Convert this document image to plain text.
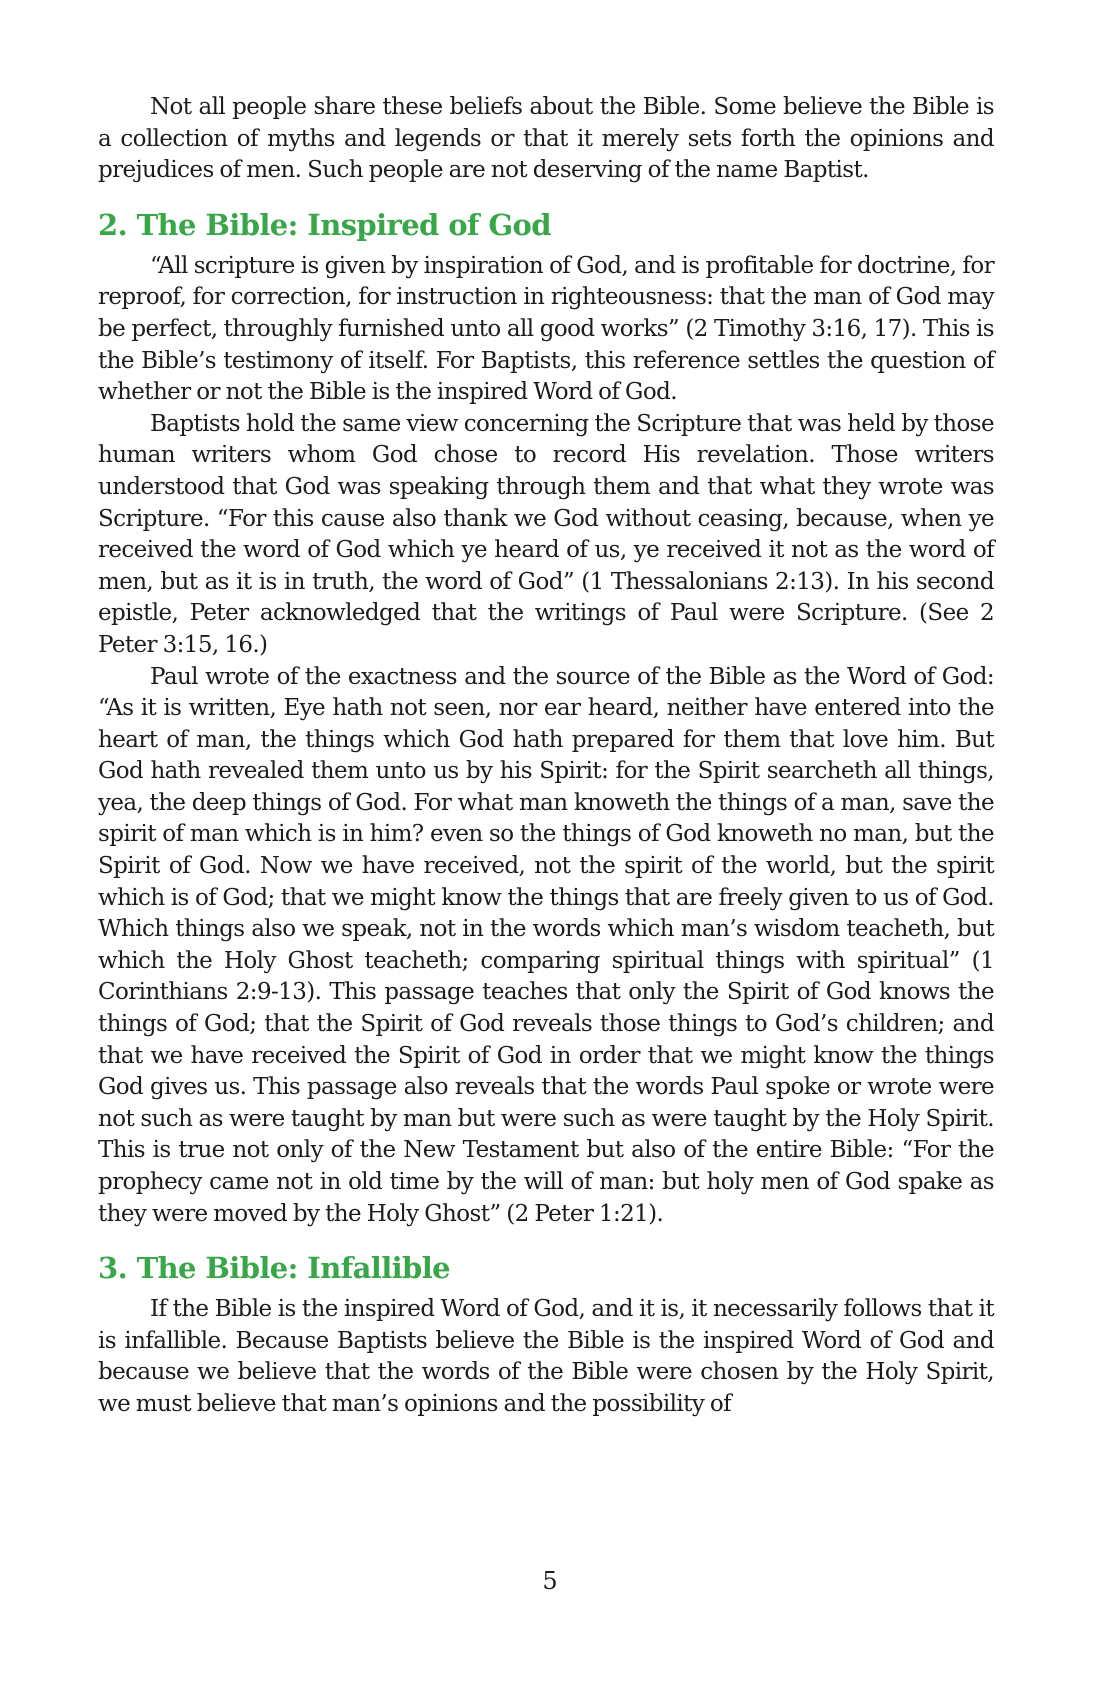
Not all people share these beliefs about the Bible. Some believe the Bible is a collection of myths and legends or that it merely sets forth the opinions and prejudices of men. Such people are not deserving of the name Baptist.

2. The Bible: Inspired of God

“All scripture is given by inspiration of God, and is profitable for doctrine, for reproof, for correction, for instruction in righteousness: that the man of God may be perfect, throughly furnished unto all good works” (2 Timothy 3:16, 17). This is the Bible’s testimony of itself. For Baptists, this reference settles the question of whether or not the Bible is the inspired Word of God.

Baptists hold the same view concerning the Scripture that was held by those human writers whom God chose to record His revelation. Those writers understood that God was speaking through them and that what they wrote was Scripture. “For this cause also thank we God without ceasing, because, when ye received the word of God which ye heard of us, ye received it not as the word of men, but as it is in truth, the word of God” (1 Thessalonians 2:13). In his second epistle, Peter acknowledged that the writings of Paul were Scripture. (See 2 Peter 3:15, 16.)

Paul wrote of the exactness and the source of the Bible as the Word of God: “As it is written, Eye hath not seen, nor ear heard, neither have entered into the heart of man, the things which God hath prepared for them that love him. But God hath revealed them unto us by his Spirit: for the Spirit searcheth all things, yea, the deep things of God. For what man knoweth the things of a man, save the spirit of man which is in him? even so the things of God knoweth no man, but the Spirit of God. Now we have received, not the spirit of the world, but the spirit which is of God; that we might know the things that are freely given to us of God. Which things also we speak, not in the words which man’s wisdom teacheth, but which the Holy Ghost teacheth; comparing spiritual things with spiritual” (1 Corinthians 2:9-13). This passage teaches that only the Spirit of God knows the things of God; that the Spirit of God reveals those things to God’s children; and that we have received the Spirit of God in order that we might know the things God gives us. This passage also reveals that the words Paul spoke or wrote were not such as were taught by man but were such as were taught by the Holy Spirit. This is true not only of the New Testament but also of the entire Bible: “For the prophecy came not in old time by the will of man: but holy men of God spake as they were moved by the Holy Ghost” (2 Peter 1:21).

3. The Bible: Infallible

If the Bible is the inspired Word of God, and it is, it necessarily follows that it is infallible. Because Baptists believe the Bible is the inspired Word of God and because we believe that the words of the Bible were chosen by the Holy Spirit, we must believe that man’s opinions and the possibility of

5
